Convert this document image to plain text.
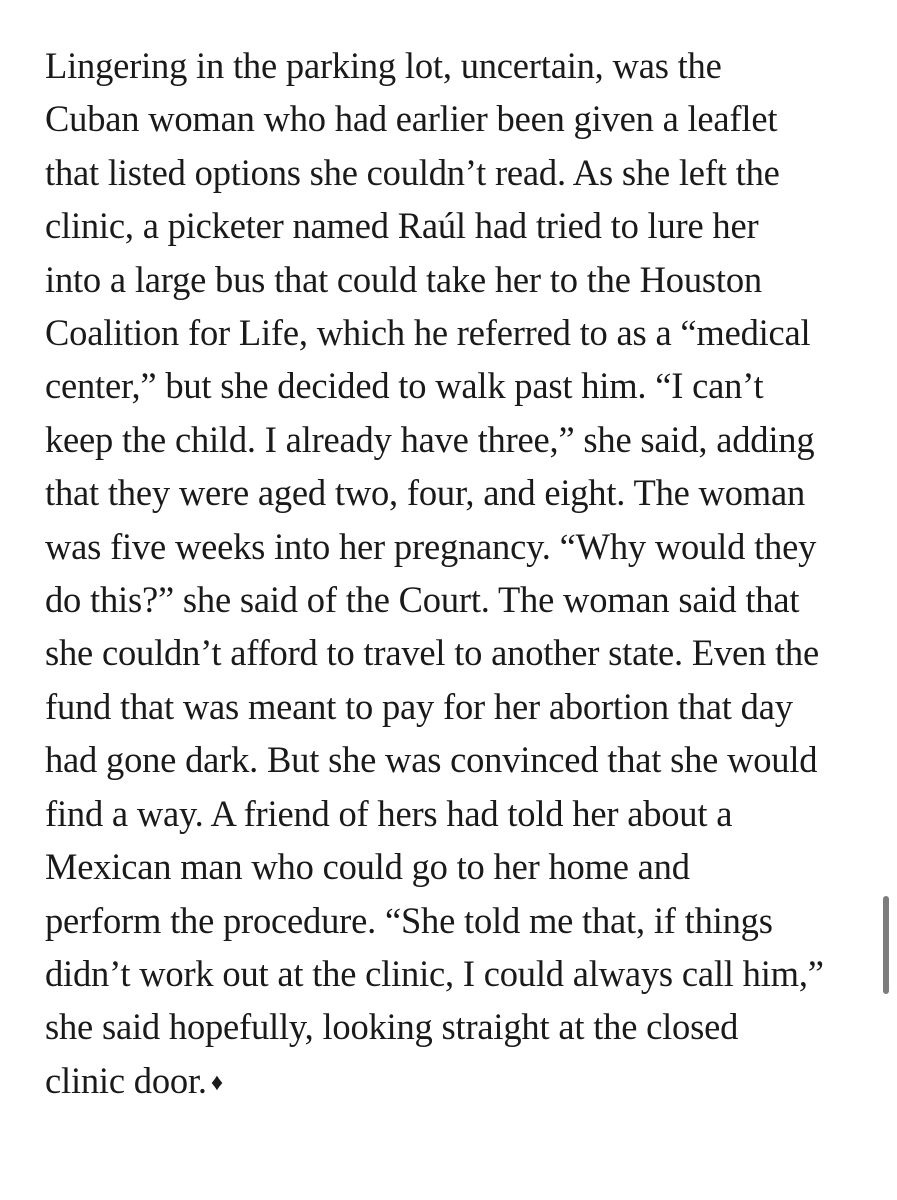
Lingering in the parking lot, uncertain, was the
Cuban woman who had earlier been given a leaflet
that listed options she couldn’t read. As she left the
clinic, a picketer named Raúl had tried to lure her
into a large bus that could take her to the Houston
Coalition for Life, which he referred to as a “medical
center,” but she decided to walk past him. “I can’t
keep the child. I already have three,” she said, adding
that they were aged two, four, and eight. The woman
was five weeks into her pregnancy. “Why would they
do this?” she said of the Court. The woman said that
she couldn’t afford to travel to another state. Even the
fund that was meant to pay for her abortion that day
had gone dark. But she was convinced that she would
find a way. A friend of hers had told her about a
Mexican man who could go to her home and
perform the procedure. “She told me that, if things
didn’t work out at the clinic, I could always call him,”
she said hopefully, looking straight at the closed
clinic door. ♦
